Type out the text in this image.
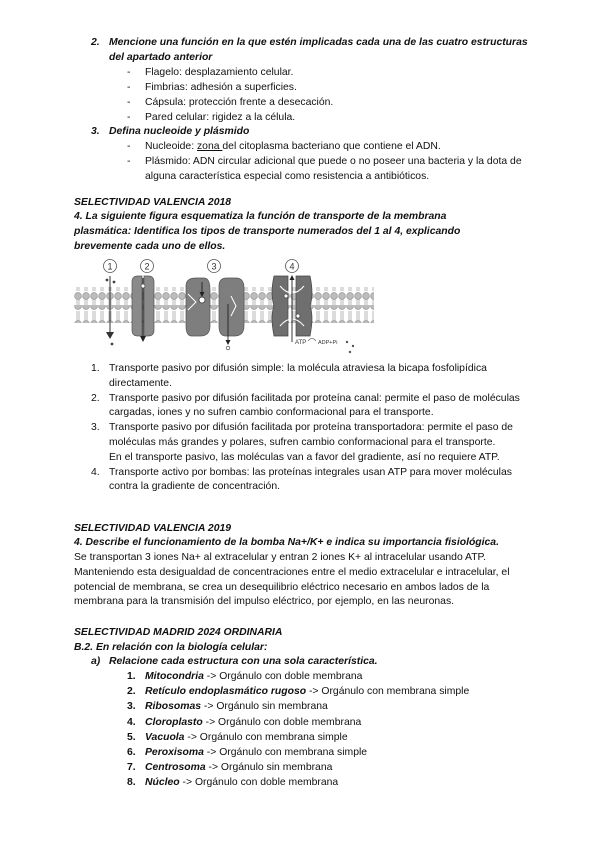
2. Mencione una función en la que estén implicadas cada una de las cuatro estructuras del apartado anterior
- Flagelo: desplazamiento celular.
- Fimbrias: adhesión a superficies.
- Cápsula: protección frente a desecación.
- Pared celular: rigidez a la célula.
3. Defina nucleoide y plásmido
- Nucleoide: zona del citoplasma bacteriano que contiene el ADN.
- Plásmido: ADN circular adicional que puede o no poseer una bacteria y la dota de alguna característica especial como resistencia a antibióticos.

SELECTIVIDAD VALENCIA 2018
4. La siguiente figura esquematiza la función de transporte de la membrana plasmática: Identifica los tipos de transporte numerados del 1 al 4, explicando brevemente cada uno de ellos.
1	2	3	4
ATP ADP+Pi
1. Transporte pasivo por difusión simple: la molécula atraviesa la bicapa fosfolipídica directamente.

2. Transporte pasivo por difusión facilitada por proteína canal: permite el paso de moléculas cargadas, iones y no sufren cambio conformacional para el transporte.

3. Transporte pasivo por difusión facilitada por proteína transportadora: permite el paso de moléculas más grandes y polares, sufren cambio conformacional para el transporte.

En el transporte pasivo, las moléculas van a favor del gradiente, así no requiere ATP.

4. Transporte activo por bombas: las proteínas integrales usan ATP para mover moléculas contra la gradiente de concentración.

SELECTIVIDAD VALENCIA 2019
4. Describe el funcionamiento de la bomba Na+/K+ e indica su importancia fisiológica.

Se transportan 3 iones Na+ al extracelular y entran 2 iones K+ al intracelular usando ATP. Manteniendo esta desigualdad de concentraciones entre el medio extracelular e intracelular, el potencial de membrana, se crea un desequilibrio eléctrico necesario en ambos lados de la membrana para la transmisión del impulso eléctrico, por ejemplo, en las neuronas.

SELECTIVIDAD MADRID 2024 ORDINARIA
B.2. En relación con la biología celular:
a) Relacione cada estructura con una sola característica.
1. Mitocondria -> Orgánulo con doble membrana
2. Retículo endoplasmático rugoso -> Orgánulo con membrana simple
3. Ribosomas -> Orgánulo sin membrana
4. Cloroplasto -> Orgánulo con doble membrana
5. Vacuola -> Orgánulo con membrana simple
6. Peroxisoma -> Orgánulo con membrana simple
7. Centrosoma -> Orgánulo sin membrana
8. Núcleo -> Orgánulo con doble membrana
